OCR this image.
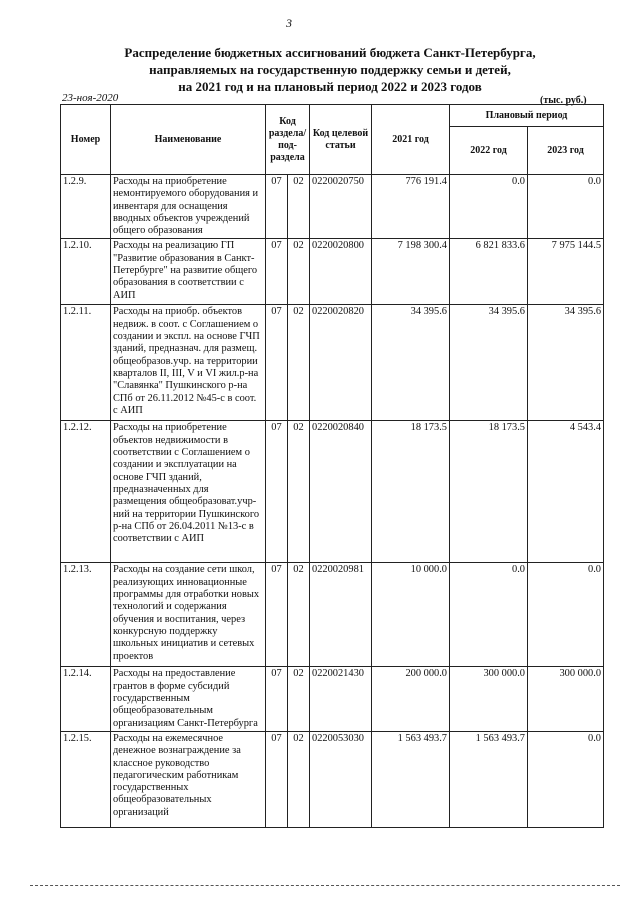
3
Распределение бюджетных ассигнований бюджета Санкт-Петербурга,
направляемых на государственную поддержку семьи и детей,
на 2021 год и на плановый период 2022 и 2023 годов
23-ноя-2020	(тыс. руб.)
Номер	Наименование	Код раздела/ под-раздела		Код целевой статьи	2021 год	Плановый период	
						2022 год	2023 год
1.2.9.	Расходы на приобретение немонтируемого оборудования и инвентаря для оснащения вводных объектов учреждений общего образования	07	02	0220020750	776 191.4	0.0	0.0
1.2.10.	Расходы на реализацию ГП "Развитие образования в Санкт-Петербурге" на развитие общего образования в соответствии с АИП	07	02	0220020800	7 198 300.4	6 821 833.6	7 975 144.5
1.2.11.	Расходы на приобр. объектов недвиж. в соот. с Соглашением о создании и экспл. на основе ГЧП зданий, предназнач. для размещ. общеобразов.учр. на территории кварталов II, III, V и VI жил.р-на "Славянка" Пушкинского р-на СПб от 26.11.2012 №45-с в соот. с АИП	07	02	0220020820	34 395.6	34 395.6	34 395.6
1.2.12.	Расходы на приобретение объектов недвижимости в соответствии с Соглашением о создании и эксплуатации на основе ГЧП зданий, предназначенных для размещения общеобразоват.учр-ний на территории Пушкинского р-на СПб от 26.04.2011 №13-с в соответствии с АИП	07	02	0220020840	18 173.5	18 173.5	4 543.4
1.2.13.	Расходы на создание сети школ, реализующих инновационные программы для отработки новых технологий и содержания обучения и воспитания, через конкурсную поддержку школьных инициатив и сетевых проектов	07	02	0220020981	10 000.0	0.0	0.0
1.2.14.	Расходы на предоставление грантов в форме субсидий государственным общеобразовательным организациям Санкт-Петербурга	07	02	0220021430	200 000.0	300 000.0	300 000.0
1.2.15.	Расходы на ежемесячное денежное вознаграждение за классное руководство педагогическим работникам государственных общеобразовательных организаций	07	02	0220053030	1 563 493.7	1 563 493.7	0.0
